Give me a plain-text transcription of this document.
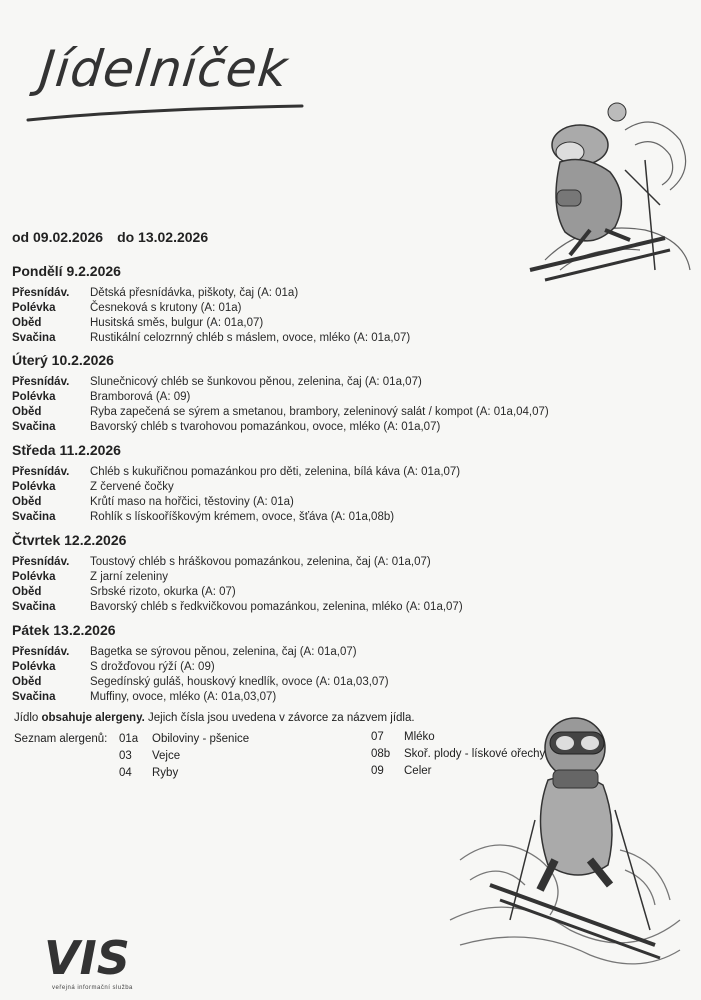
Jídelníček
od 09.02.2026 do 13.02.2026
Pondělí 9.2.2026
Přesnídáv.	Dětská přesnídávka, piškoty, čaj (A: 01a)
Polévka	Česneková s krutony (A: 01a)
Oběd	Husitská směs, bulgur (A: 01a,07)
Svačina	Rustikální celozrnný chléb s máslem, ovoce, mléko (A: 01a,07)
Úterý 10.2.2026
Přesnídáv.	Slunečnicový chléb se šunkovou pěnou, zelenina, čaj (A: 01a,07)
Polévka	Bramborová (A: 09)
Oběd	Ryba zapečená se sýrem a smetanou, brambory, zeleninový salát / kompot (A: 01a,04,07)
Svačina	Bavorský chléb s tvarohovou pomazánkou, ovoce, mléko (A: 01a,07)
Středa 11.2.2026
Přesnídáv.	Chléb s kukuřičnou pomazánkou pro děti, zelenina, bílá káva (A: 01a,07)
Polévka	Z červené čočky
Oběd	Krůtí maso na hořčici, těstoviny (A: 01a)
Svačina	Rohlík s lískooříškovým krémem, ovoce, šťáva (A: 01a,08b)
Čtvrtek 12.2.2026
Přesnídáv.	Toustový chléb s hráškovou pomazánkou, zelenina, čaj (A: 01a,07)
Polévka	Z jarní zeleniny
Oběd	Srbské rizoto, okurka (A: 07)
Svačina	Bavorský chléb s ředkvičkovou pomazánkou, zelenina, mléko (A: 01a,07)
Pátek 13.2.2026
Přesnídáv.	Bagetka se sýrovou pěnou, zelenina, čaj (A: 01a,07)
Polévka	S drožďovou rýží (A: 09)
Oběd	Segedínský guláš, houskový knedlík, ovoce (A: 01a,03,07)
Svačina	Muffiny, ovoce, mléko (A: 01a,03,07)
Jídlo obsahuje alergeny. Jejich čísla jsou uvedena v závorce za názvem jídla.
Seznam alergenů: 01a	Obiloviny - pšenice
03	Vejce
04	Ryby
07	Mléko
08b	Skoř. plody - lískové ořechy
09	Celer
VIS
veřejná informační služba
